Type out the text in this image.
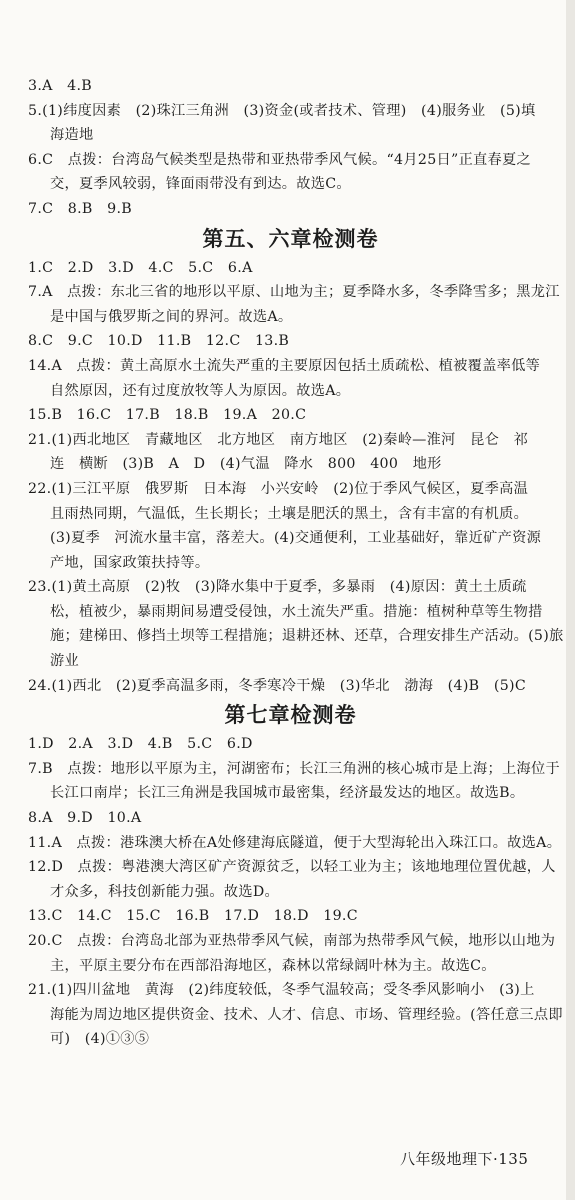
3.A　4.B
5.(1)纬度因素　(2)珠江三角洲　(3)资金(或者技术、管理)　(4)服务业　(5)填
海造地
6.C　点拨：台湾岛气候类型是热带和亚热带季风气候。“4月25日”正直春夏之
交，夏季风较弱，锋面雨带没有到达。故选C。
7.C　8.B　9.B
第五、六章检测卷
1.C　2.D　3.D　4.C　5.C　6.A
7.A　点拨：东北三省的地形以平原、山地为主；夏季降水多，冬季降雪多；黑龙江
是中国与俄罗斯之间的界河。故选A。
8.C　9.C　10.D　11.B　12.C　13.B
14.A　点拨：黄土高原水土流失严重的主要原因包括土质疏松、植被覆盖率低等
自然原因，还有过度放牧等人为原因。故选A。
15.B　16.C　17.B　18.B　19.A　20.C
21.(1)西北地区　青藏地区　北方地区　南方地区　(2)秦岭—淮河　昆仑　祁
连　横断　(3)B　A　D　(4)气温　降水　800　400　地形
22.(1)三江平原　俄罗斯　日本海　小兴安岭　(2)位于季风气候区，夏季高温
且雨热同期，气温低，生长期长；土壤是肥沃的黑土，含有丰富的有机质。
(3)夏季　河流水量丰富，落差大。(4)交通便利，工业基础好，靠近矿产资源
产地，国家政策扶持等。
23.(1)黄土高原　(2)牧　(3)降水集中于夏季，多暴雨　(4)原因：黄土土质疏
松，植被少，暴雨期间易遭受侵蚀，水土流失严重。措施：植树种草等生物措
施；建梯田、修挡土坝等工程措施；退耕还林、还草，合理安排生产活动。(5)旅
游业
24.(1)西北　(2)夏季高温多雨，冬季寒冷干燥　(3)华北　渤海　(4)B　(5)C
第七章检测卷
1.D　2.A　3.D　4.B　5.C　6.D
7.B　点拨：地形以平原为主，河湖密布；长江三角洲的核心城市是上海；上海位于
长江口南岸；长江三角洲是我国城市最密集，经济最发达的地区。故选B。
8.A　9.D　10.A
11.A　点拨：港珠澳大桥在A处修建海底隧道，便于大型海轮出入珠江口。故选A。
12.D　点拨：粤港澳大湾区矿产资源贫乏，以轻工业为主；该地地理位置优越，人
才众多，科技创新能力强。故选D。
13.C　14.C　15.C　16.B　17.D　18.D　19.C
20.C　点拨：台湾岛北部为亚热带季风气候，南部为热带季风气候，地形以山地为
主，平原主要分布在西部沿海地区，森林以常绿阔叶林为主。故选C。
21.(1)四川盆地　黄海　(2)纬度较低，冬季气温较高；受冬季风影响小　(3)上
海能为周边地区提供资金、技术、人才、信息、市场、管理经验。(答任意三点即
可)　(4)①③⑤
八年级地理下·135
